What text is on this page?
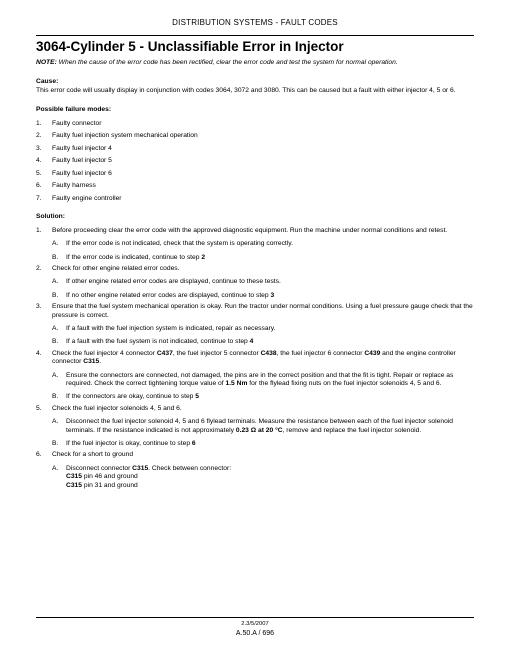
DISTRIBUTION SYSTEMS - FAULT CODES
3064-Cylinder 5 - Unclassifiable Error in Injector

NOTE: When the cause of the error code has been rectified, clear the error code and test the system for normal operation.

Cause:

This error code will usually display in conjunction with codes 3064, 3072 and 3080. This can be caused but a fault with either injector 4, 5 or 6.

Possible failure modes:

1. Faulty connector
2. Faulty fuel injection system mechanical operation
3. Faulty fuel injector 4
4. Faulty fuel injector 5
5. Faulty fuel injector 6
6. Faulty harness
7. Faulty engine controller

Solution:

1. Before proceeding clear the error code with the approved diagnostic equipment. Run the machine under normal conditions and retest.
A. If the error code is not indicated, check that the system is operating correctly.
B. If the error code is indicated, continue to step 2
2. Check for other engine related error codes.
A. If other engine related error codes are displayed, continue to these tests.
B. If no other engine related error codes are displayed, continue to step 3
3. Ensure that the fuel system mechanical operation is okay. Run the tractor under normal conditions. Using a fuel pressure gauge check that the pressure is correct.
A. If a fault with the fuel injection system is indicated, repair as necessary.
B. If a fault with the fuel system is not indicated, continue to step 4
4. Check the fuel injector 4 connector C437, the fuel injector 5 connector C438, the fuel injector 6 connector C439 and the engine controller connector C315.
A. Ensure the connectors are connected, not damaged, the pins are in the correct position and that the fit is tight. Repair or replace as required. Check the correct tightening torque value of 1.5 Nm for the flylead fixing nuts on the fuel injector solenoids 4, 5 and 6.
B. If the connectors are okay, continue to step 5
5. Check the fuel injector solenoids 4, 5 and 6.
A. Disconnect the fuel injector solenoid 4, 5 and 6 flylead terminals. Measure the resistance between each of the fuel injector solenoid terminals. If the resistance indicated is not approximately 0.23 Ω at 20 °C, remove and replace the fuel injector solenoid.
B. If the fuel injector is okay, continue to step 6
6. Check for a short to ground
A. Disconnect connector C315. Check between connector:
C315 pin 46 and ground
C315 pin 31 and ground
2.3/5/2007
A.50.A / 696
